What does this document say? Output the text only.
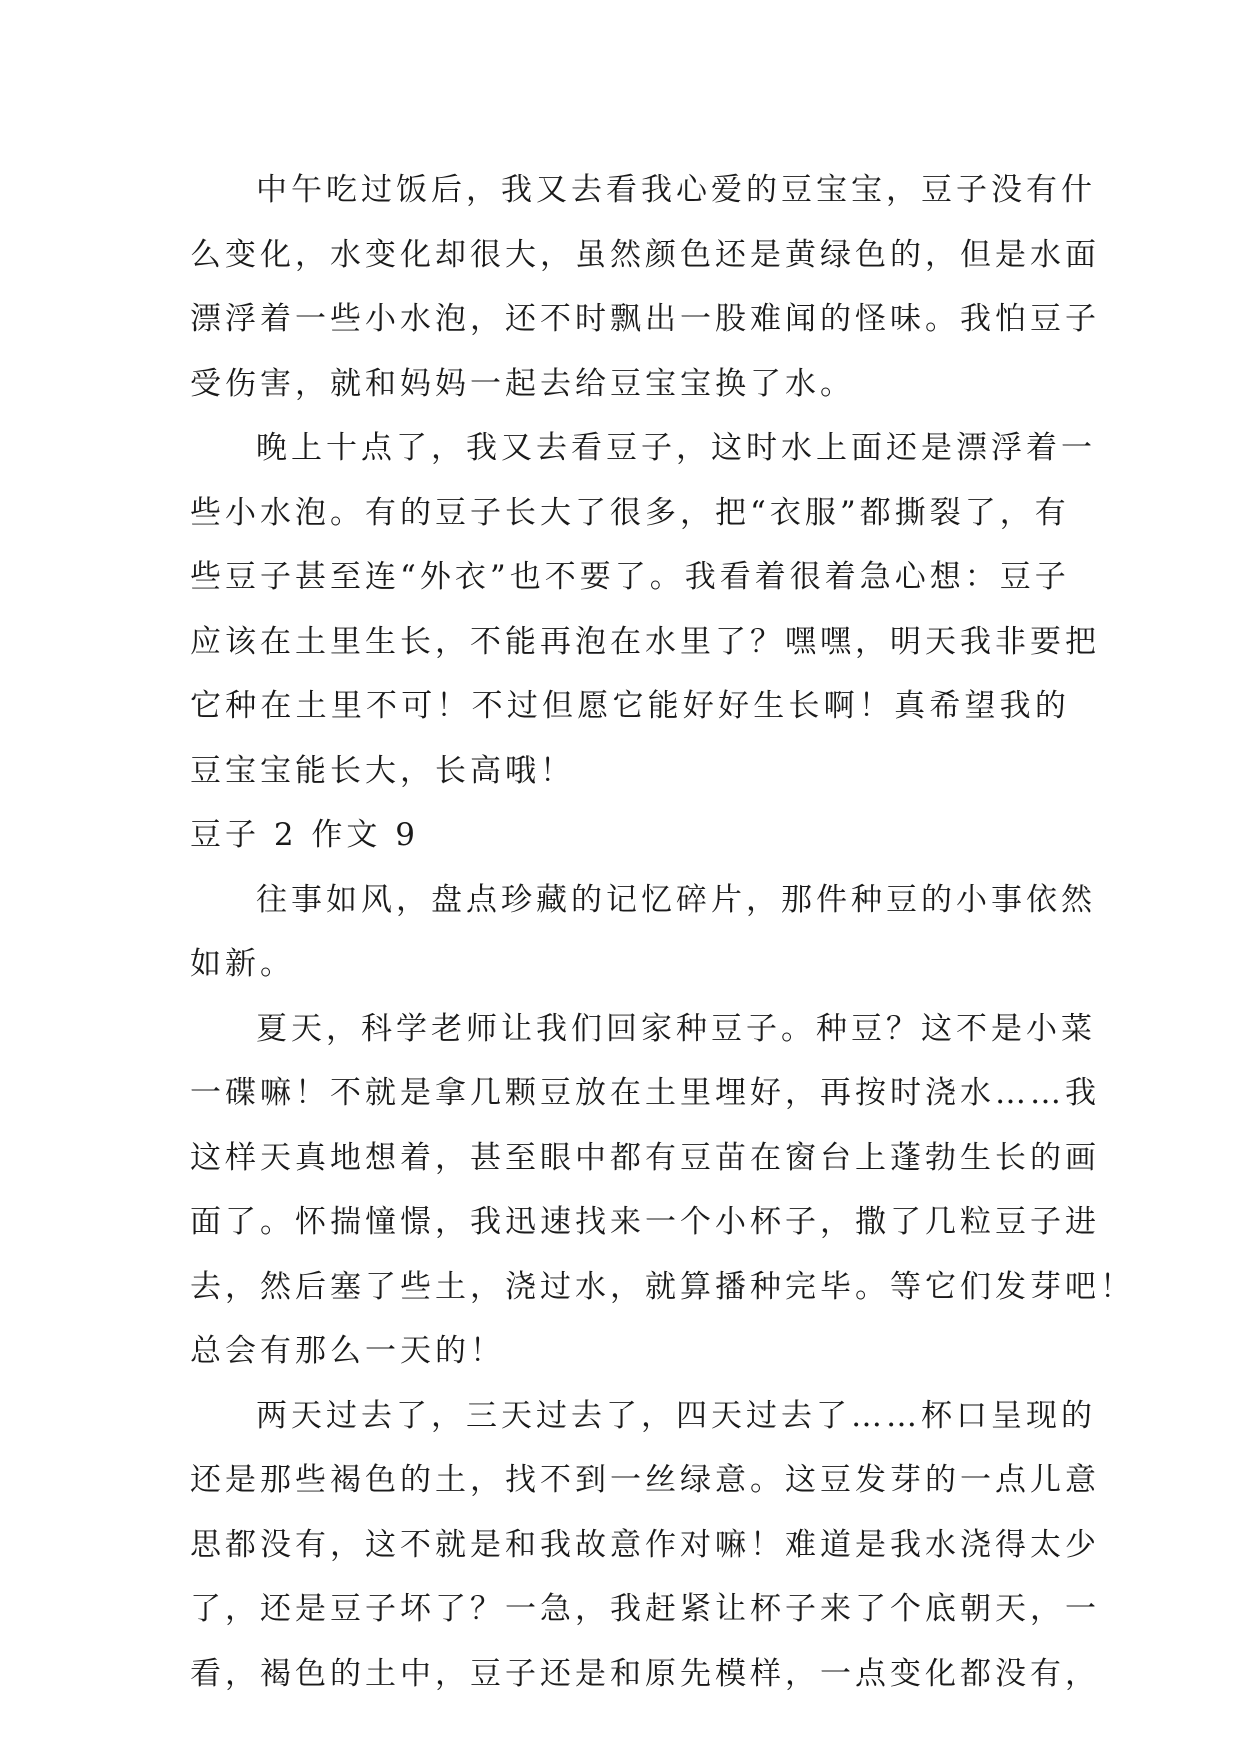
中 午 吃 过 饭 后 ， 我 又 去 看 我 心 爱 的 豆 宝 宝 ， 豆 子 没 有 什
么 变 化 ， 水 变 化 却 很 大 ， 虽 然 颜 色 还 是 黄 绿 色 的 ， 但 是 水 面
漂 浮 着 一 些 小 水 泡 ， 还 不 时 飘 出 一 股 难 闻 的 怪 味 。 我 怕 豆 子
受伤害，就和妈妈一起去给豆宝宝换了水。
晚 上 十 点 了 ， 我 又 去 看 豆 子 ， 这 时 水 上 面 还 是 漂 浮 着 一
些 小 水 泡 。 有 的 豆 子 长 大 了 很 多 ， 把 “ 衣 服 ” 都 撕 裂 了 ， 有
些 豆 子 甚 至 连 “ 外 衣 ” 也 不 要 了 。 我 看 着 很 着 急 心 想 ： 豆 子
应 该 在 土 里 生 长 ， 不 能 再 泡 在 水 里 了 ？ 嘿 嘿 ， 明 天 我 非 要 把
它 种 在 土 里 不 可 ！ 不 过 但 愿 它 能 好 好 生 长 啊 ！ 真 希 望 我 的
豆宝宝能长大，长高哦！
豆子 2 作文 9
往 事 如 风 ， 盘 点 珍 藏 的 记 忆 碎 片 ， 那 件 种 豆 的 小 事 依 然
如新。
夏 天 ， 科 学 老 师 让 我 们 回 家 种 豆 子 。 种 豆 ？ 这 不 是 小 菜
一 碟 嘛 ！ 不 就 是 拿 几 颗 豆 放 在 土 里 埋 好 ， 再 按 时 浇 水 … … 我
这 样 天 真 地 想 着 ， 甚 至 眼 中 都 有 豆 苗 在 窗 台 上 蓬 勃 生 长 的 画
面 了 。 怀 揣 憧 憬 ， 我 迅 速 找 来 一 个 小 杯 子 ， 撒 了 几 粒 豆 子 进
去 ， 然 后 塞 了 些 土 ， 浇 过 水 ， 就 算 播 种 完 毕 。 等 它 们 发 芽 吧 ！
总会有那么一天的！
两 天 过 去 了 ， 三 天 过 去 了 ， 四 天 过 去 了 … … 杯 口 呈 现 的
还 是 那 些 褐 色 的 土 ， 找 不 到 一 丝 绿 意 。 这 豆 发 芽 的 一 点 儿 意
思 都 没 有 ， 这 不 就 是 和 我 故 意 作 对 嘛 ！ 难 道 是 我 水 浇 得 太 少
了 ， 还 是 豆 子 坏 了 ？ 一 急 ， 我 赶 紧 让 杯 子 来 了 个 底 朝 天 ， 一
看 ， 褐 色 的 土 中 ， 豆 子 还 是 和 原 先 模 样 ， 一 点 变 化 都 没 有 ，
